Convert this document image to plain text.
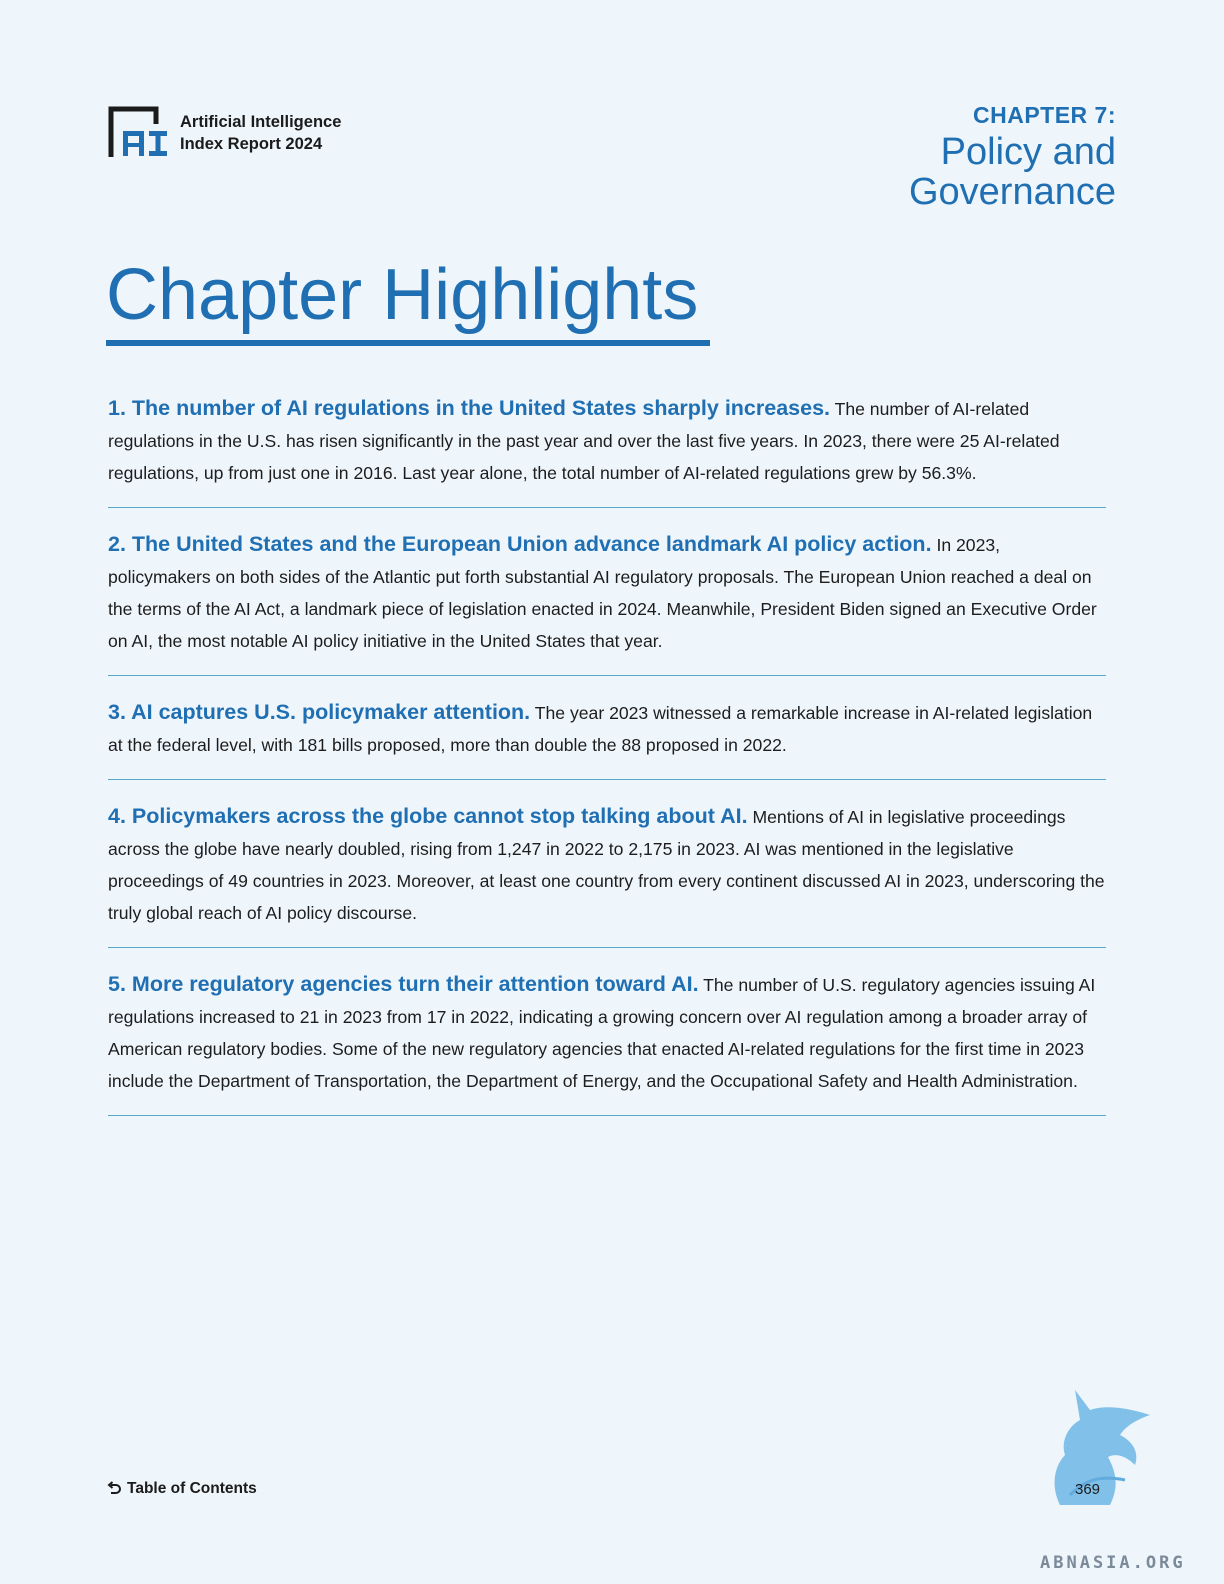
Artificial Intelligence
Index Report 2024
CHAPTER 7:
Policy and
Governance
Chapter Highlights

1. The number of AI regulations in the United States sharply increases. The number of AI-related regulations in the U.S. has risen significantly in the past year and over the last five years. In 2023, there were 25 AI-related regulations, up from just one in 2016. Last year alone, the total number of AI-related regulations grew by 56.3%.

2. The United States and the European Union advance landmark AI policy action. In 2023, policymakers on both sides of the Atlantic put forth substantial AI regulatory proposals. The European Union reached a deal on the terms of the AI Act, a landmark piece of legislation enacted in 2024. Meanwhile, President Biden signed an Executive Order on AI, the most notable AI policy initiative in the United States that year.

3. AI captures U.S. policymaker attention. The year 2023 witnessed a remarkable increase in AI-related legislation at the federal level, with 181 bills proposed, more than double the 88 proposed in 2022.

4. Policymakers across the globe cannot stop talking about AI. Mentions of AI in legislative proceedings across the globe have nearly doubled, rising from 1,247 in 2022 to 2,175 in 2023. AI was mentioned in the legislative proceedings of 49 countries in 2023. Moreover, at least one country from every continent discussed AI in 2023, underscoring the truly global reach of AI policy discourse.

5. More regulatory agencies turn their attention toward AI. The number of U.S. regulatory agencies issuing AI regulations increased to 21 in 2023 from 17 in 2022, indicating a growing concern over AI regulation among a broader array of American regulatory bodies. Some of the new regulatory agencies that enacted AI-related regulations for the first time in 2023 include the Department of Transportation, the Department of Energy, and the Occupational Safety and Health Administration.

Table of Contents	369
ABNASIA.ORG
